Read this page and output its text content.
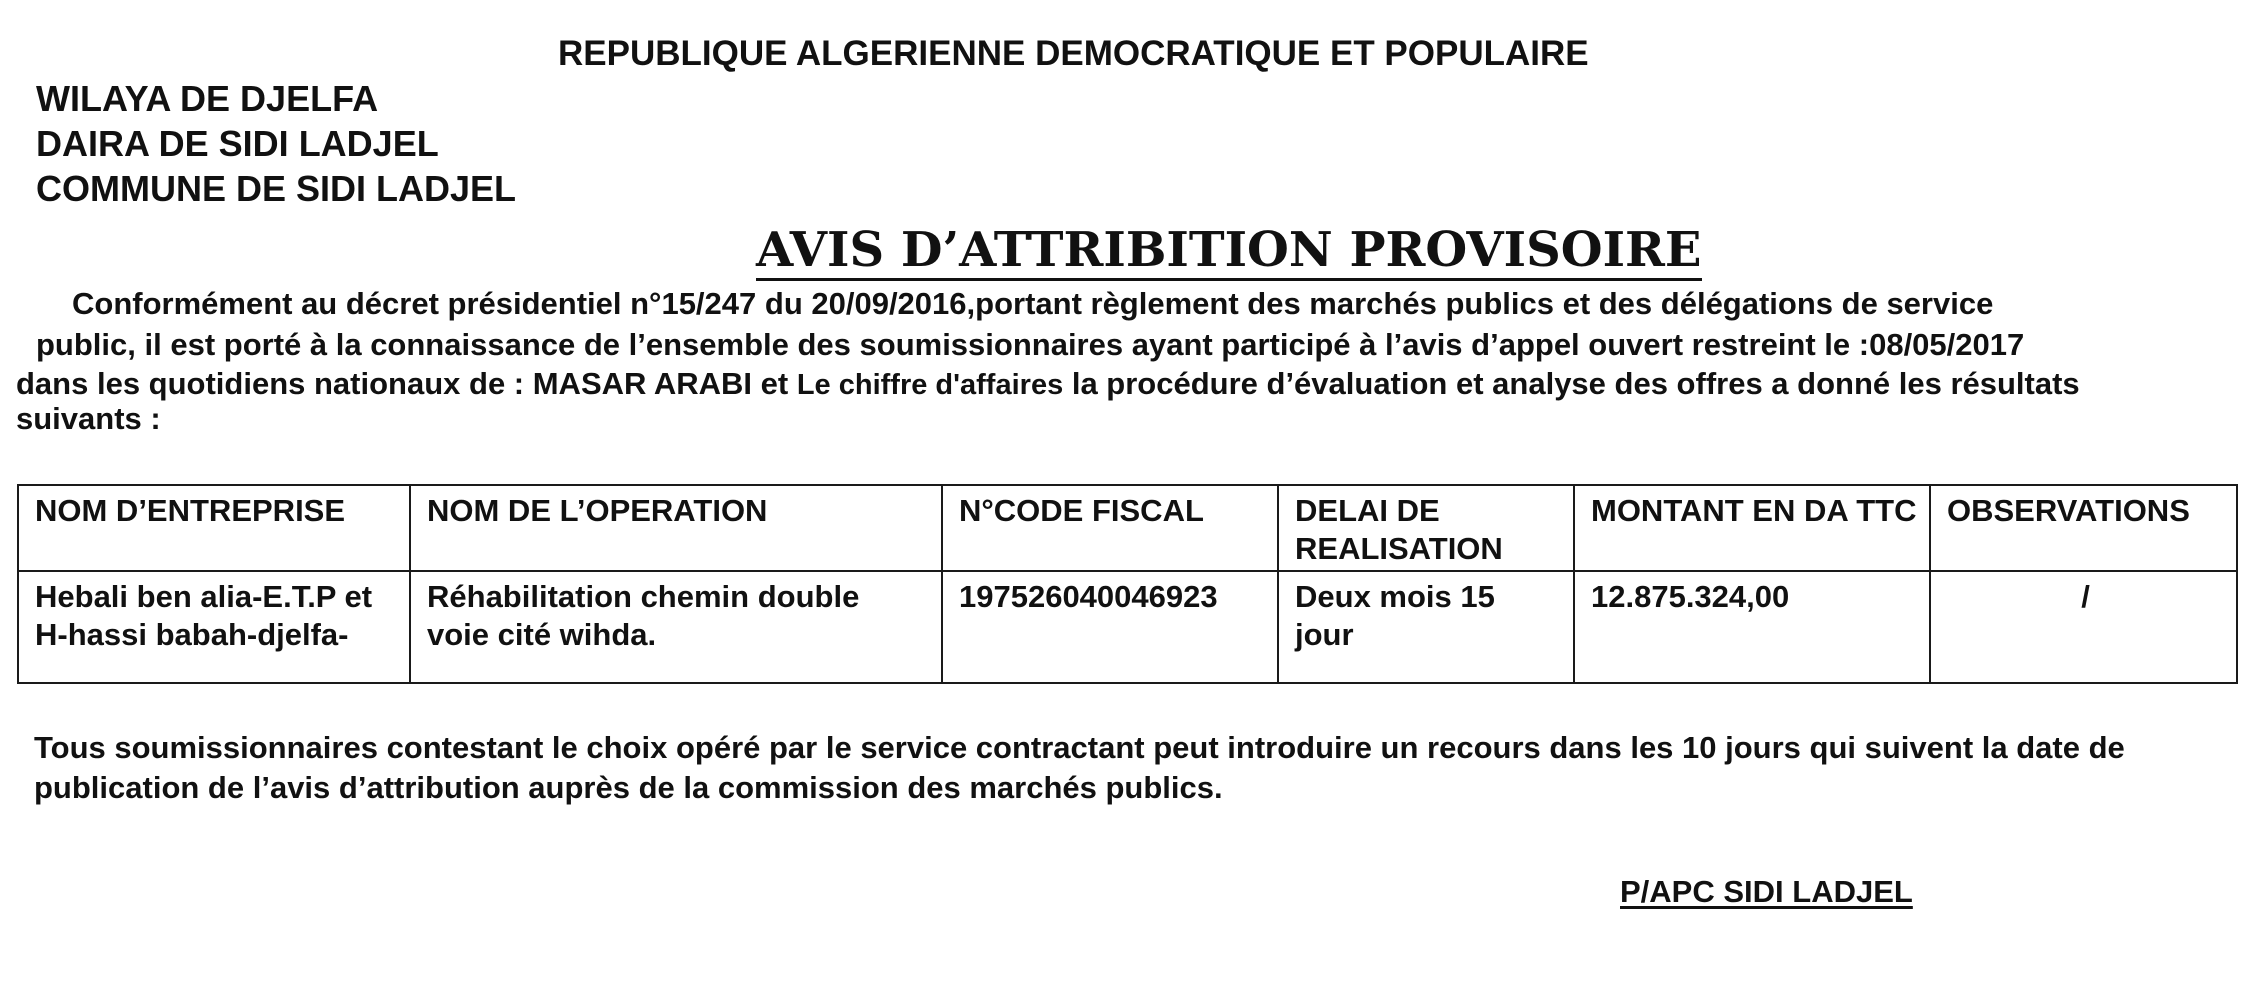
REPUBLIQUE ALGERIENNE DEMOCRATIQUE ET POPULAIRE
WILAYA DE DJELFA
DAIRA DE SIDI LADJEL
COMMUNE DE SIDI LADJEL
AVIS D’ATTRIBITION PROVISOIRE
Conformément au décret présidentiel n°15/247 du 20/09/2016,portant règlement des marchés publics et des délégations de service
public, il est porté à la connaissance de l’ensemble des soumissionnaires ayant participé à l’avis d’appel ouvert restreint le :08/05/2017
dans les quotidiens nationaux de : MASAR ARABI et Le chiffre d'affaires la procédure d’évaluation et analyse des offres a donné les résultats
suivants :
NOM D’ENTREPRISE	NOM DE L’OPERATION	N°CODE FISCAL	DELAI DE REALISATION	MONTANT EN DA TTC	OBSERVATIONS
Hebali ben alia-E.T.P et H-hassi babah-djelfa-	Réhabilitation chemin double voie cité wihda.	197526040046923	Deux mois 15 jour	12.875.324,00	/
Tous soumissionnaires contestant le choix opéré par le service contractant peut introduire un recours dans les 10 jours qui suivent la date de publication de l’avis d’attribution auprès de la commission des marchés publics.
P/APC SIDI LADJEL
